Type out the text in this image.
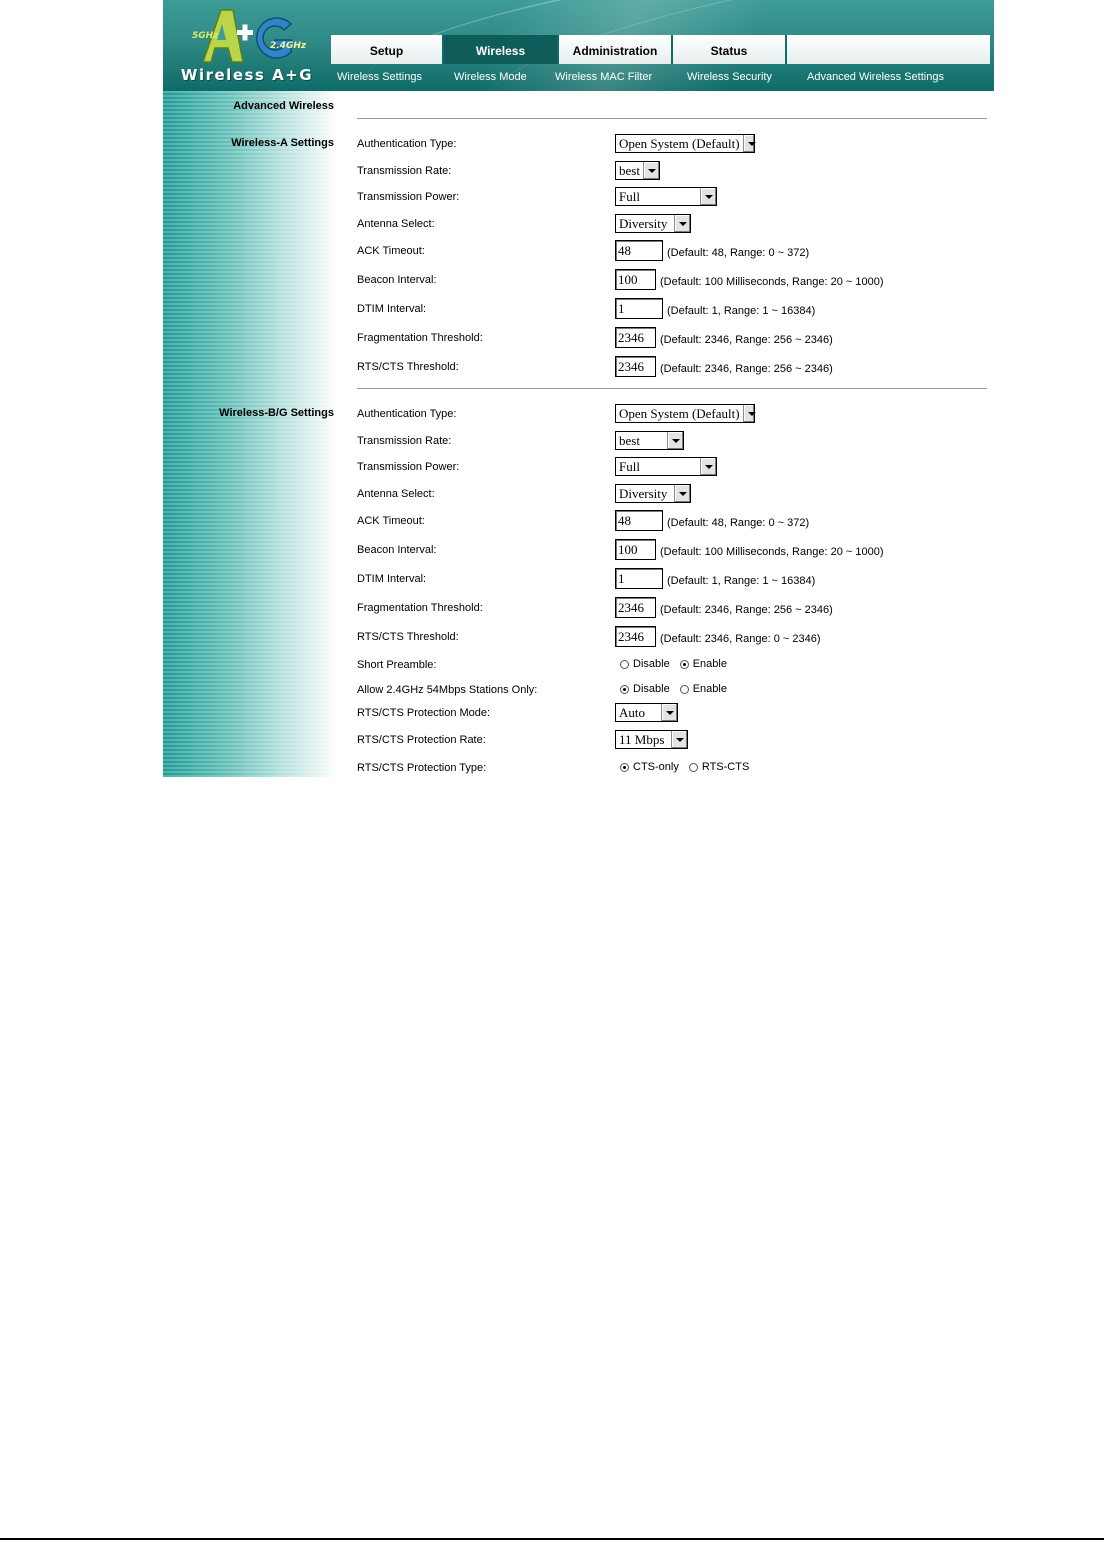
5GHz
2.4GHz
Wireless A+G
Setup	Wireless	Administration	Status
Wireless Settings	Wireless Mode	Wireless MAC Filter	Wireless Security	Advanced Wireless Settings
Advanced Wireless
Wireless-A Settings
Wireless-B/G Settings
Authentication Type:	Open System (Default)
Transmission Rate:	best
Transmission Power:	Full
Antenna Select:	Diversity
ACK Timeout:	48	(Default: 48, Range: 0 ~ 372)
Beacon Interval:	100	(Default: 100 Milliseconds, Range: 20 ~ 1000)
DTIM Interval:	1	(Default: 1, Range: 1 ~ 16384)
Fragmentation Threshold:	2346	(Default: 2346, Range: 256 ~ 2346)
RTS/CTS Threshold:	2346	(Default: 2346, Range: 256 ~ 2346)
Authentication Type:	Open System (Default)
Transmission Rate:	best
Transmission Power:	Full
Antenna Select:	Diversity
ACK Timeout:	48	(Default: 48, Range: 0 ~ 372)
Beacon Interval:	100	(Default: 100 Milliseconds, Range: 20 ~ 1000)
DTIM Interval:	1	(Default: 1, Range: 1 ~ 16384)
Fragmentation Threshold:	2346	(Default: 2346, Range: 256 ~ 2346)
RTS/CTS Threshold:	2346	(Default: 2346, Range: 0 ~ 2346)
Short Preamble:	Disable Enable
Allow 2.4GHz 54Mbps Stations Only:	Disable Enable
RTS/CTS Protection Mode:	Auto
RTS/CTS Protection Rate:	11 Mbps
RTS/CTS Protection Type:	CTS-only RTS-CTS
